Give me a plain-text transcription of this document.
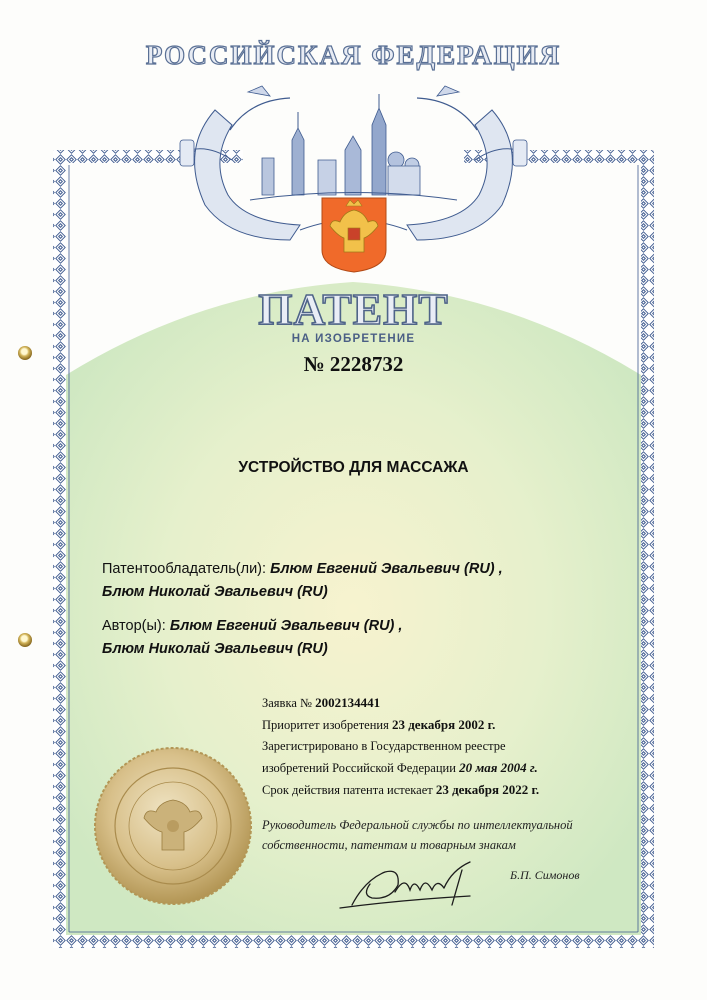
РОССИЙСКАЯ ФЕДЕРАЦИЯ
ПАТЕНТ
НА ИЗОБРЕТЕНИЕ
№ 2228732
УСТРОЙСТВО ДЛЯ МАССАЖА
Патентообладатель(ли): Блюм Евгений Эвальевич (RU) ,
Блюм Николай Эвальевич (RU)
Автор(ы): Блюм Евгений Эвальевич (RU) ,
Блюм Николай Эвальевич (RU)
Заявка № 2002134441
Приоритет изобретения 23 декабря 2002 г.
Зарегистрировано в Государственном реестре
изобретений Российской Федерации 20 мая 2004 г.
Срок действия патента истекает 23 декабря 2022 г.
Руководитель Федеральной службы по интеллектуальной
собственности, патентам и товарным знакам
Б.П. Симонов
